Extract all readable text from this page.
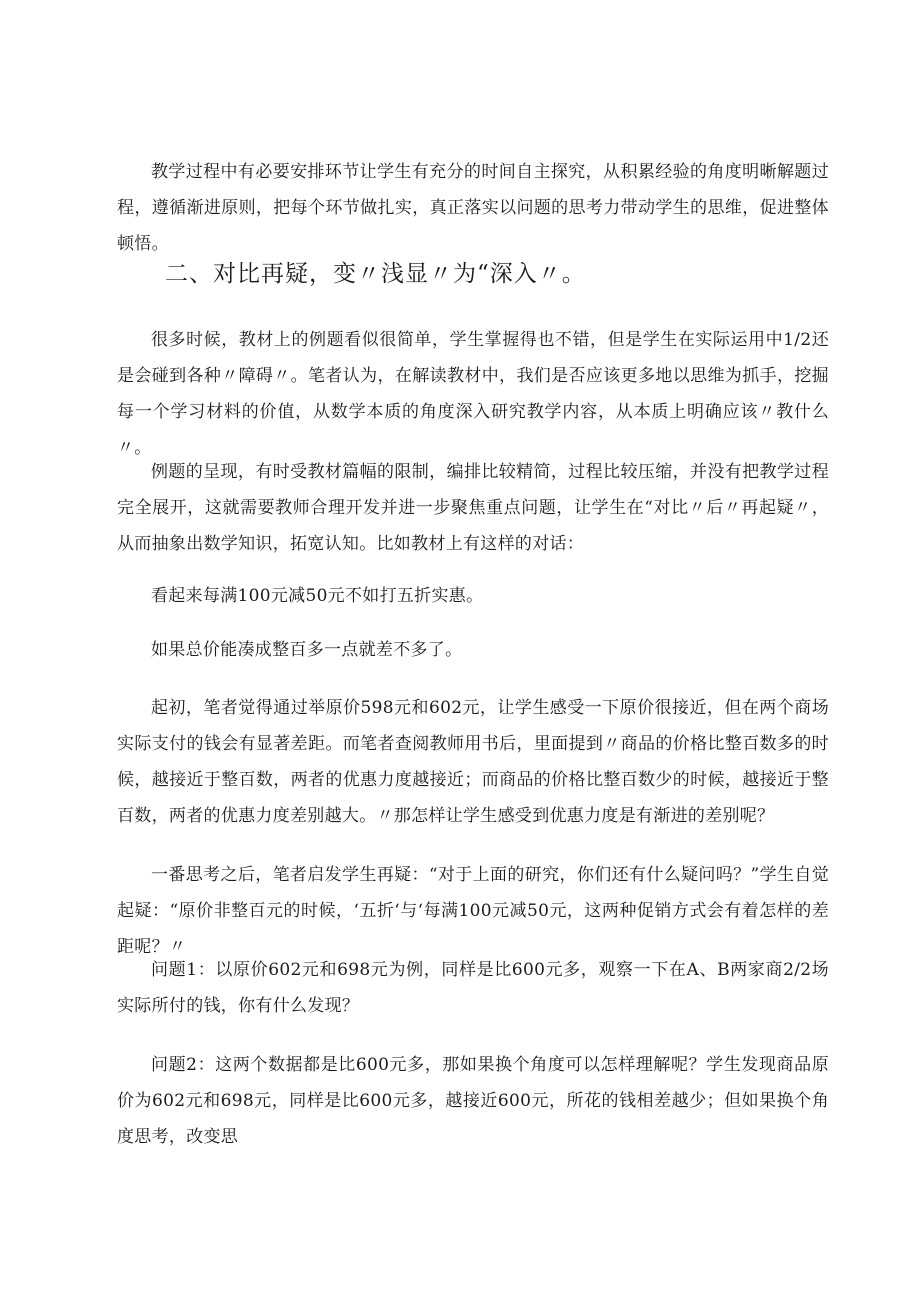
教学过程中有必要安排环节让学生有充分的时间自主探究，从积累经验的角度明晰解题过程，遵循渐进原则，把每个环节做扎实，真正落实以问题的思考力带动学生的思维，促进整体顿悟。

二、对比再疑，变〃浅显〃为“深入〃。

很多时候，教材上的例题看似很简单，学生掌握得也不错，但是学生在实际运用中1/2还是会碰到各种〃障碍〃。笔者认为，在解读教材中，我们是否应该更多地以思维为抓手，挖掘每一个学习材料的价值，从数学本质的角度深入研究教学内容，从本质上明确应该〃教什么〃。

例题的呈现，有时受教材篇幅的限制，编排比较精简，过程比较压缩，并没有把教学过程完全展开，这就需要教师合理开发并进一步聚焦重点问题，让学生在“对比〃后〃再起疑〃，从而抽象出数学知识，拓宽认知。比如教材上有这样的对话：

看起来每满100元减50元不如打五折实惠。

如果总价能凑成整百多一点就差不多了。

起初，笔者觉得通过举原价598元和602元，让学生感受一下原价很接近，但在两个商场实际支付的钱会有显著差距。而笔者查阅教师用书后，里面提到〃商品的价格比整百数多的时候，越接近于整百数，两者的优惠力度越接近；而商品的价格比整百数少的时候，越接近于整百数，两者的优惠力度差别越大。〃那怎样让学生感受到优惠力度是有渐进的差别呢？

一番思考之后，笔者启发学生再疑：“对于上面的研究，你们还有什么疑问吗？”学生自觉起疑：“原价非整百元的时候，‘五折‘与‘每满100元减50元，这两种促销方式会有着怎样的差距呢？〃

问题1：以原价602元和698元为例，同样是比600元多，观察一下在A、B两家商2/2场实际所付的钱，你有什么发现？

问题2：这两个数据都是比600元多，那如果换个角度可以怎样理解呢？学生发现商品原价为602元和698元，同样是比600元多，越接近600元，所花的钱相差越少；但如果换个角度思考，改变思
